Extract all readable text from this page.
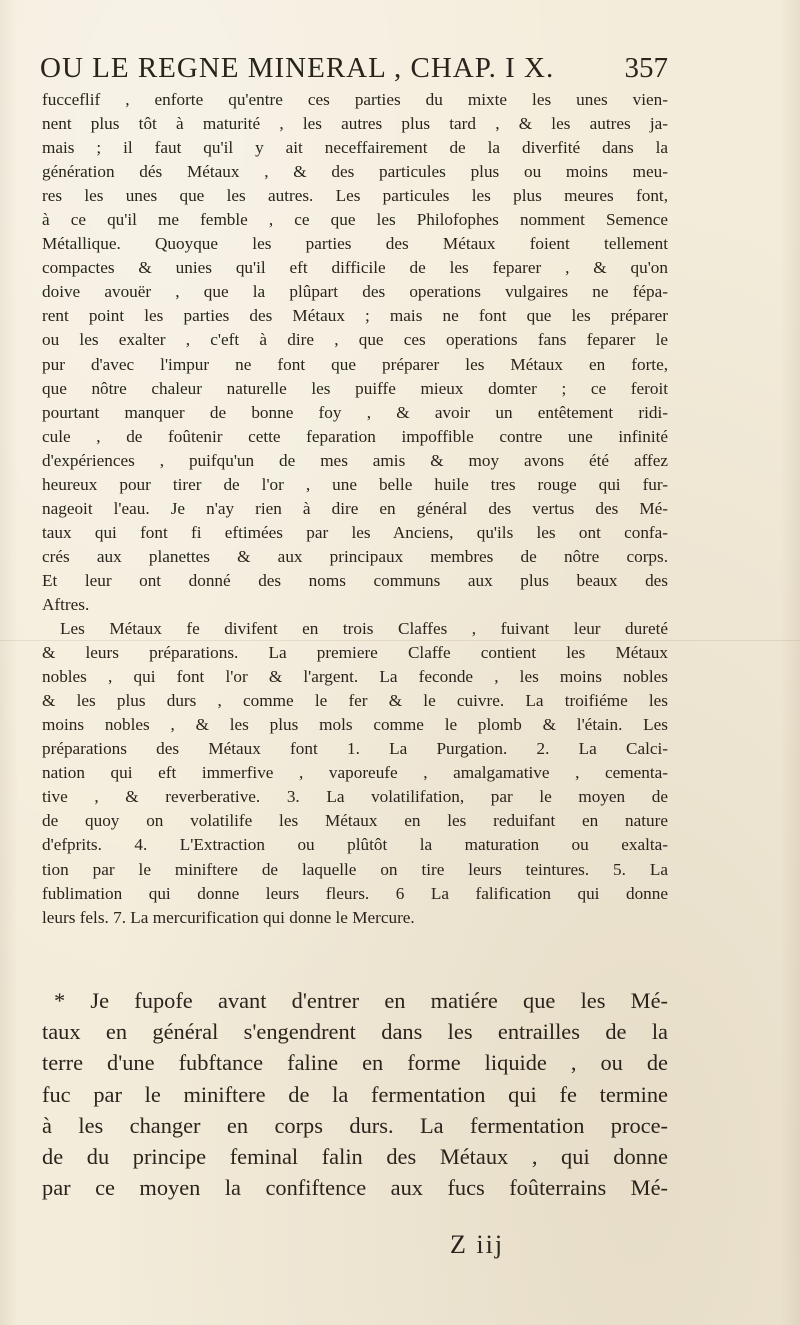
OU LE REGNE MINERAL , CHAP. I X. 357
fucceflif , enforte qu'entre ces parties du mixte les unes vien-
nent plus tôt à maturité , les autres plus tard , & les autres ja-
mais ; il faut qu'il y ait neceffairement de la diverfité dans la
génération dés Métaux , & des particules plus ou moins meu-
res les unes que les autres. Les particules les plus meures font,
à ce qu'il me femble , ce que les Philofophes nomment Semence
Métallique. Quoyque les parties des Métaux foient tellement
compactes & unies qu'il eft difficile de les feparer , & qu'on
doive avouër , que la plûpart des operations vulgaires ne fépa-
rent point les parties des Métaux ; mais ne font que les préparer
ou les exalter , c'eft à dire , que ces operations fans feparer le
pur d'avec l'impur ne font que préparer les Métaux en forte,
que nôtre chaleur naturelle les puiffe mieux domter ; ce feroit
pourtant manquer de bonne foy , & avoir un entêtement ridi-
cule , de foûtenir cette feparation impoffible contre une infinité
d'expériences , puifqu'un de mes amis & moy avons été affez
heureux pour tirer de l'or , une belle huile tres rouge qui fur-
nageoit l'eau. Je n'ay rien à dire en général des vertus des Mé-
taux qui font fi eftimées par les Anciens, qu'ils les ont confa-
crés aux planettes & aux principaux membres de nôtre corps.
Et leur ont donné des noms communs aux plus beaux des
Aftres.
Les Métaux fe divifent en trois Claffes , fuivant leur dureté
& leurs préparations. La premiere Claffe contient les Métaux
nobles , qui font l'or & l'argent. La feconde , les moins nobles
& les plus durs , comme le fer & le cuivre. La troifiéme les
moins nobles , & les plus mols comme le plomb & l'étain. Les
préparations des Métaux font 1. La Purgation. 2. La Calci-
nation qui eft immerfive , vaporeufe , amalgamative , cementa-
tive , & reverberative. 3. La volatilifation, par le moyen de
de quoy on volatilife les Métaux en les reduifant en nature
d'efprits. 4. L'Extraction ou plûtôt la maturation ou exalta-
tion par le miniftere de laquelle on tire leurs teintures. 5. La
fublimation qui donne leurs fleurs. 6 La falification qui donne
leurs fels. 7. La mercurification qui donne le Mercure.
* Je fupofe avant d'entrer en matiére que les Mé-
taux en général s'engendrent dans les entrailles de la
terre d'une fubftance faline en forme liquide , ou de
fuc par le miniftere de la fermentation qui fe termine
à les changer en corps durs. La fermentation proce-
de du principe feminal falin des Métaux , qui donne
par ce moyen la confiftence aux fucs foûterrains Mé-
Z iij
